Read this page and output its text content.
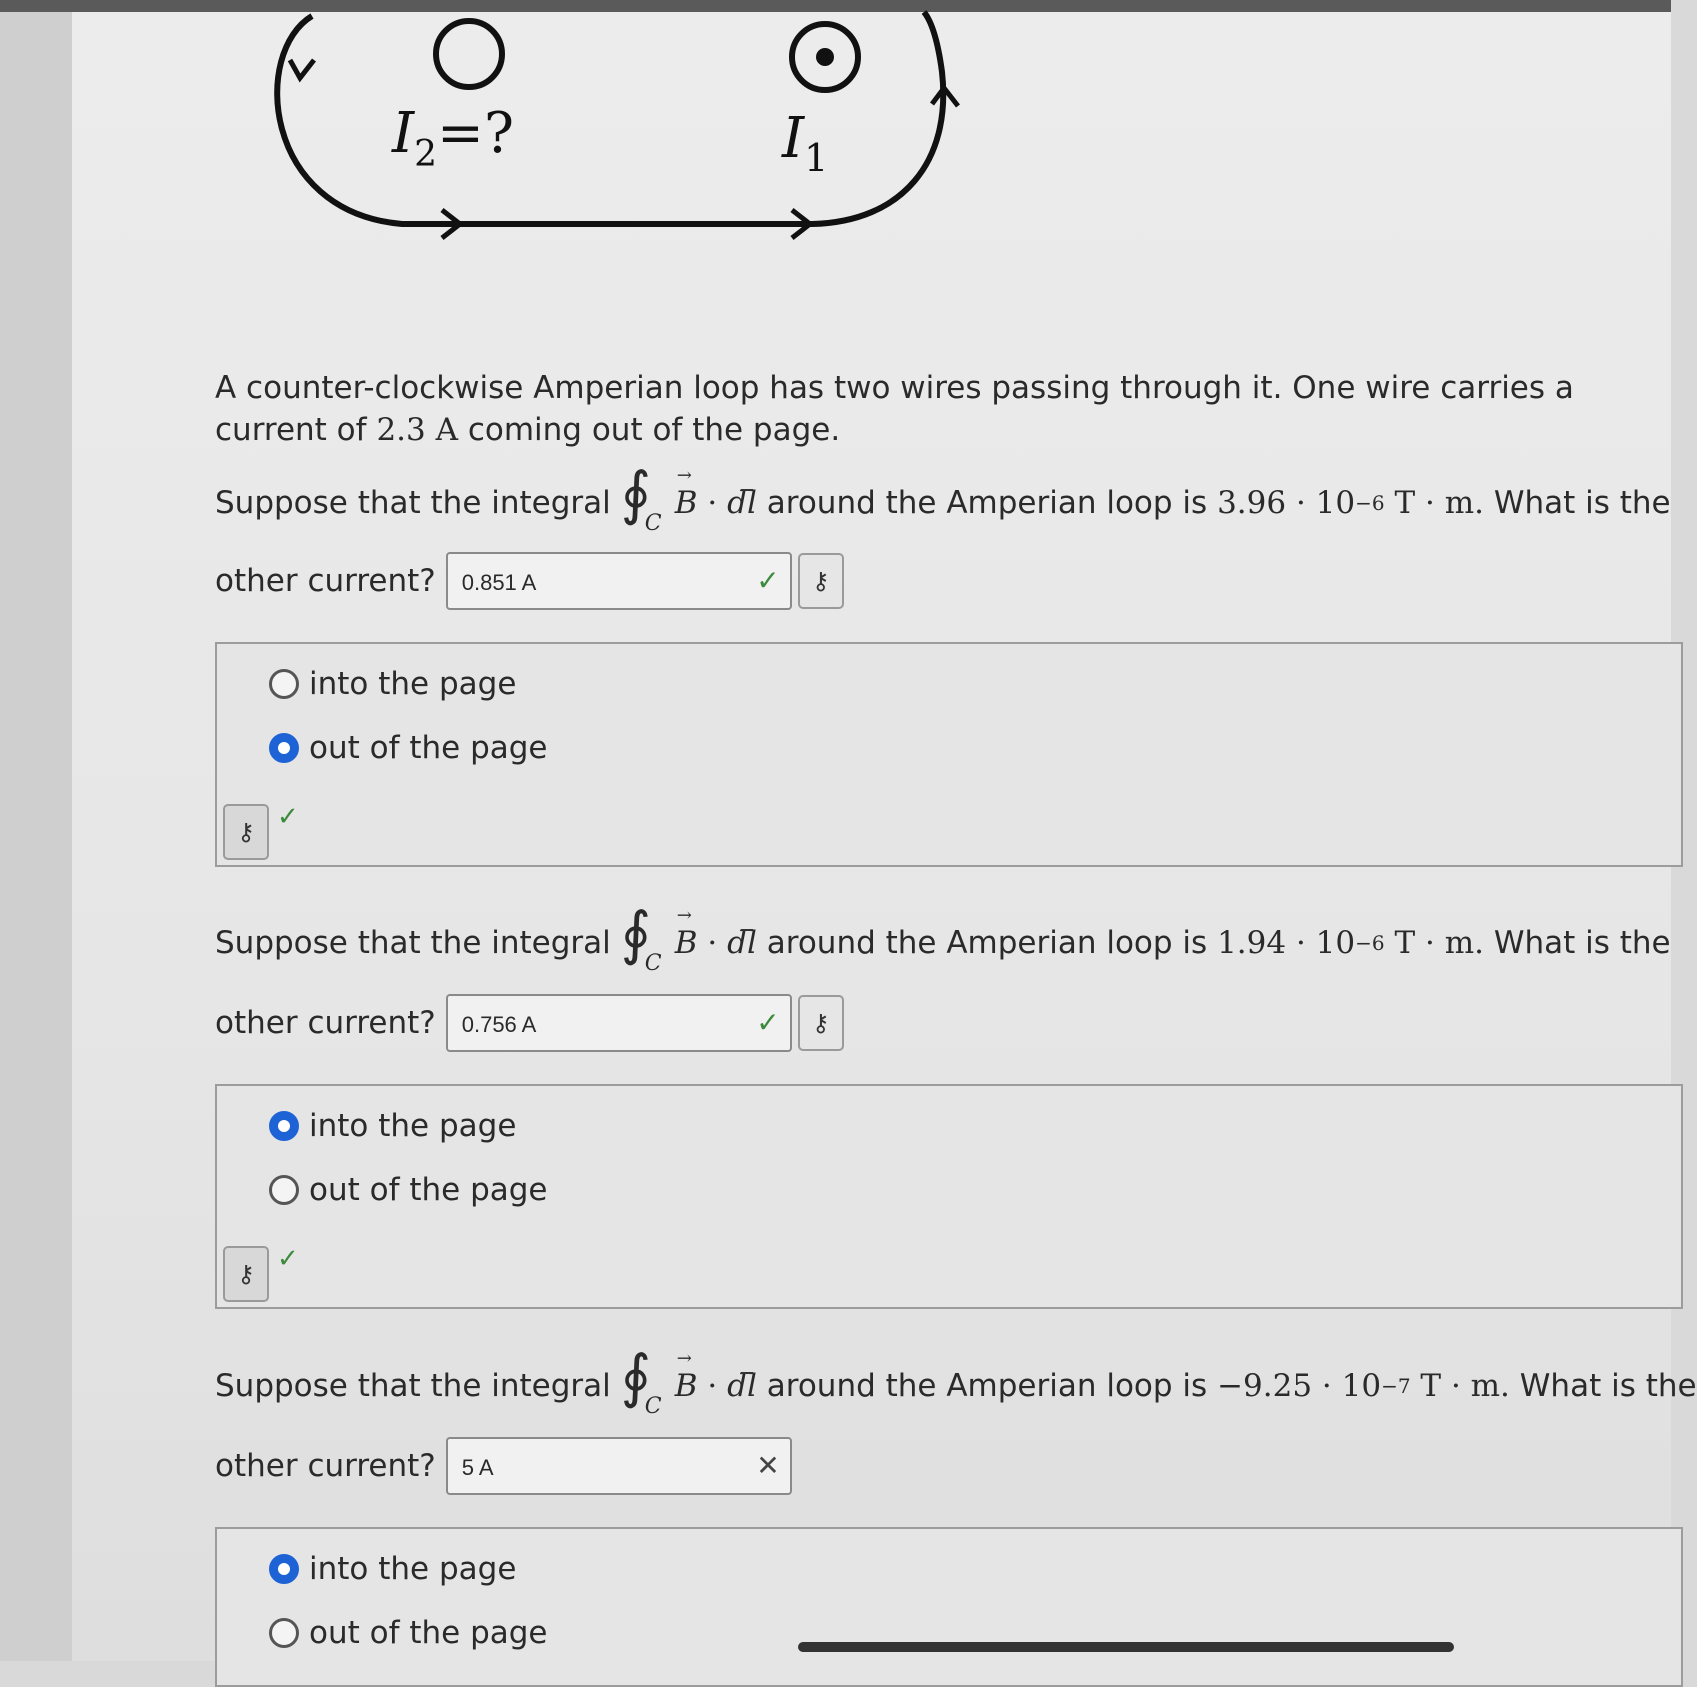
$I_2=$?	$I_1$
A counter-clockwise Amperian loop has two wires passing through it. One wire carries a current of 2.3 A coming out of the page.
Suppose that the integral ∮
C
→ B
·
dl
around the Amperian loop is
3.96 · 10 −6
T · m.
What is the
other current? 0.851 A	✓ ⚷
into the page
out of the page
⚷ ✓
Suppose that the integral ∮
C
→ B
·
dl
around the Amperian loop is
1.94 · 10 −6
T · m.
What is the
other current? 0.756 A	✓ ⚷
into the page
out of the page
⚷ ✓
Suppose that the integral ∮
C
→ B
·
dl
around the Amperian loop is
−9.25 · 10 −7
T · m.
What is the
other current? 5 A	✕
into the page
out of the page
